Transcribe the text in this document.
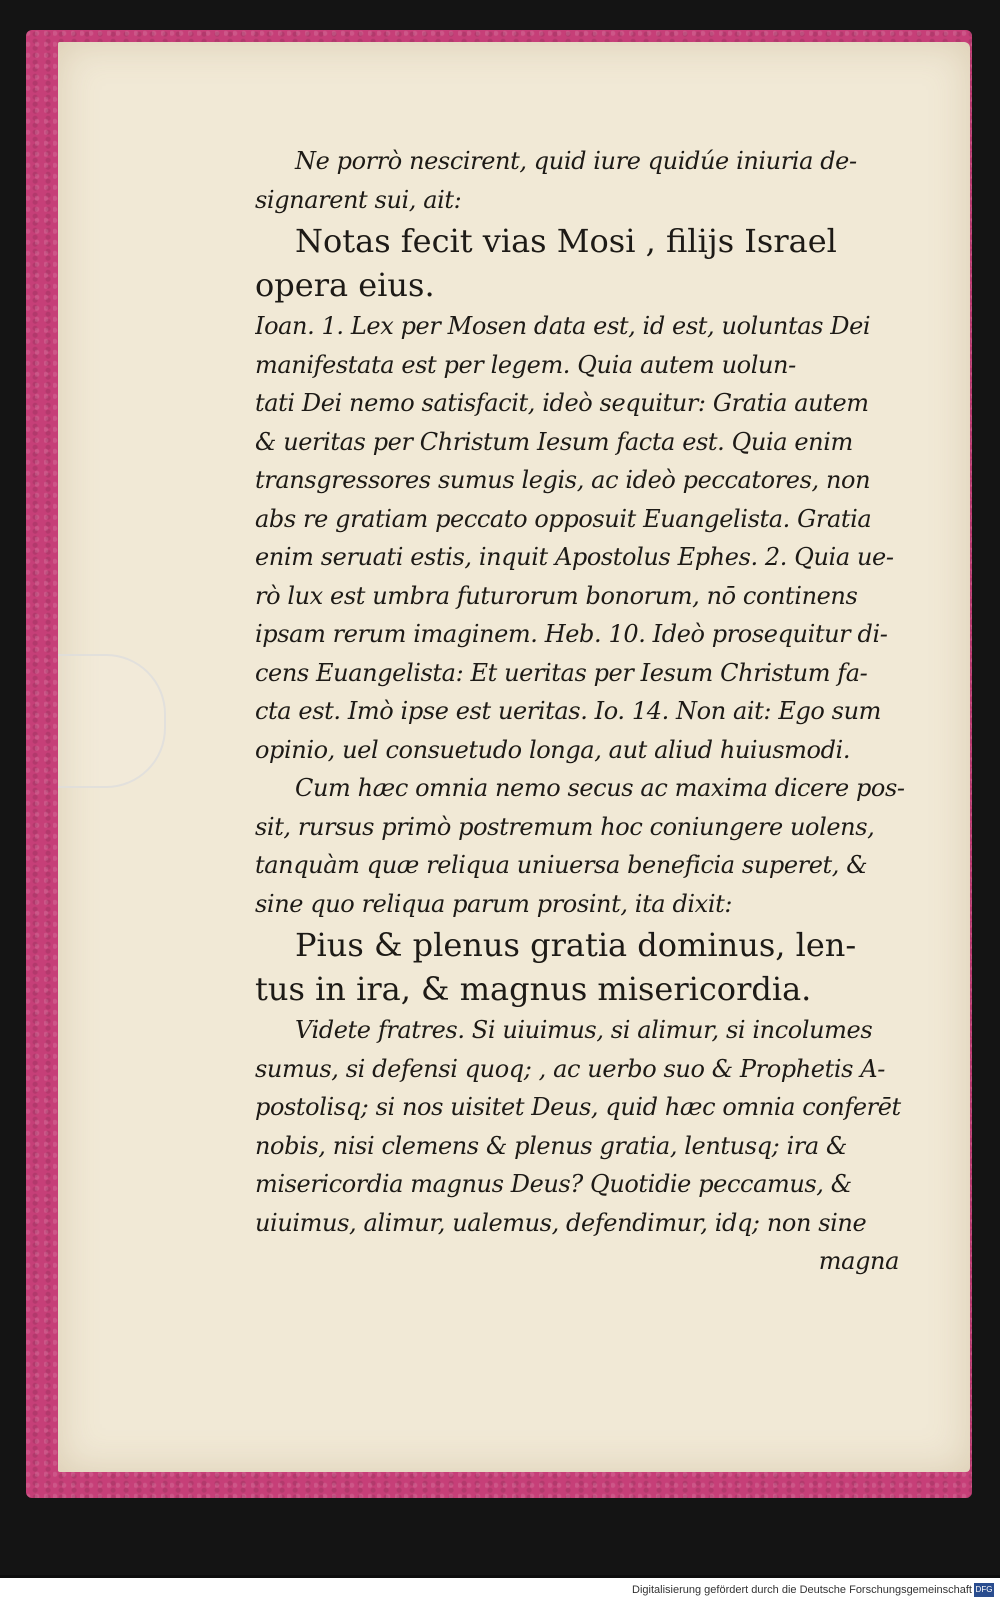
Ne porrò nescirent, quid iure quidúe iniuria de-
signarent sui, ait:
Notas fecit vias Mosi , filijs Israel
opera eius.
Ioan. 1. Lex per Mosen data est, id est, uoluntas Dei
manifestata est per legem. Quia autem uolun-
tati Dei nemo satisfacit, ideò sequitur: Gratia autem
& ueritas per Christum Iesum facta est. Quia enim
transgressores sumus legis, ac ideò peccatores, non
abs re gratiam peccato opposuit Euangelista. Gratia
enim seruati estis, inquit Apostolus Ephes. 2. Quia ue-
rò lux est umbra futurorum bonorum, nō continens
ipsam rerum imaginem. Heb. 10. Ideò prosequitur di-
cens Euangelista: Et ueritas per Iesum Christum fa-
cta est. Imò ipse est ueritas. Io. 14. Non ait: Ego sum
opinio, uel consuetudo longa, aut aliud huiusmodi.
Cum hæc omnia nemo secus ac maxima dicere pos-
sit, rursus primò postremum hoc coniungere uolens,
tanquàm quæ reliqua uniuersa beneficia superet, &
sine quo reliqua parum prosint, ita dixit:
Pius & plenus gratia dominus, len-
tus in ira, & magnus misericordia.
Videte fratres. Si uiuimus, si alimur, si incolumes
sumus, si defensi quoq; , ac uerbo suo & Prophetis A-
postolisq; si nos uisitet Deus, quid hæc omnia conferēt
nobis, nisi clemens & plenus gratia, lentusq; ira &
misericordia magnus Deus? Quotidie peccamus, &
uiuimus, alimur, ualemus, defendimur, idq; non sine
magna
Digitalisierung gefördert durch die Deutsche Forschungsgemeinschaft DFG
